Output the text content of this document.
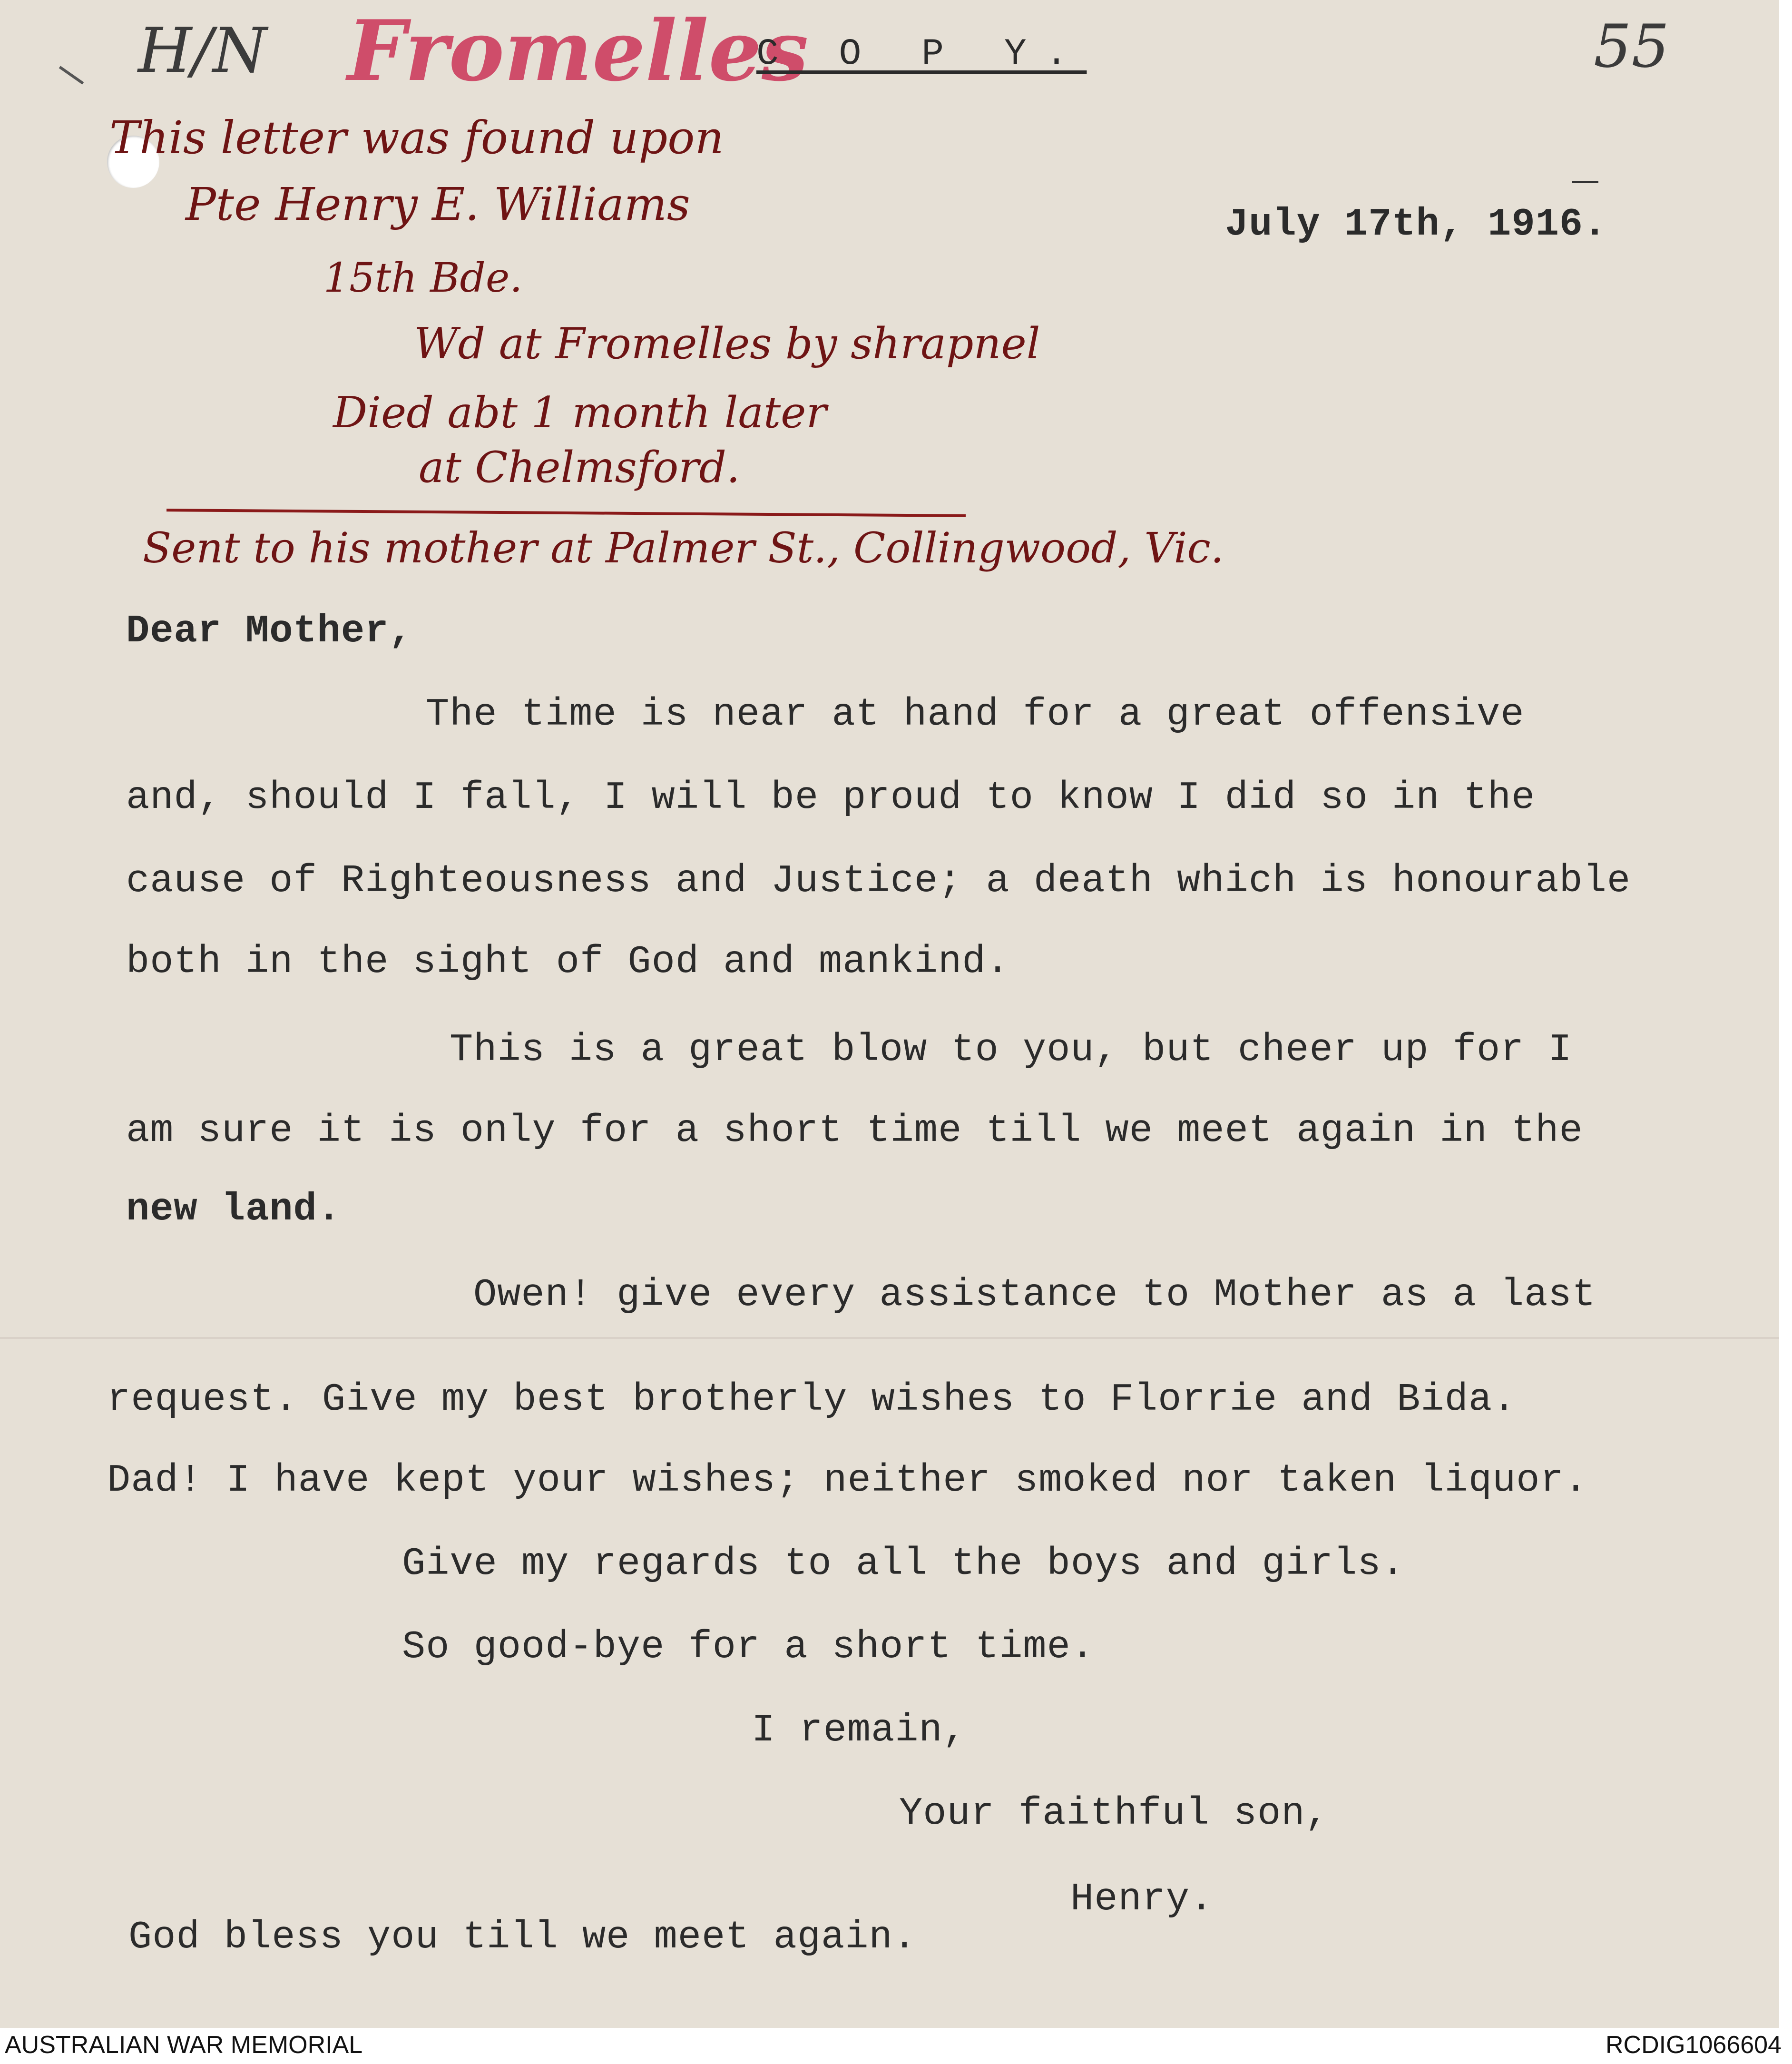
H/N Fromelles	55
This letter was found upon
Pte Henry E. Williams
15th Bde.
Wd at Fromelles by shrapnel
Died abt 1 month later
at Chelmsford.
Sent to his mother at Palmer St., Collingwood, Vic.
C O P Y.
July 17th, 1916.
Dear Mother,
The time is near at hand for a great offensive
and, should I fall, I will be proud to know I did so in the
cause of Righteousness and Justice; a death which is honourable
both in the sight of God and mankind.
This is a great blow to you, but cheer up for I
am sure it is only for a short time till we meet again in the
new land.
Owen! give every assistance to Mother as a last
request. Give my best brotherly wishes to Florrie and Bida.
Dad! I have kept your wishes; neither smoked nor taken liquor.
Give my regards to all the boys and girls.
So good-bye for a short time.
I remain,
Your faithful son,
Henry.
God bless you till we meet again.
AUSTRALIAN WAR MEMORIAL	RCDIG1066604
